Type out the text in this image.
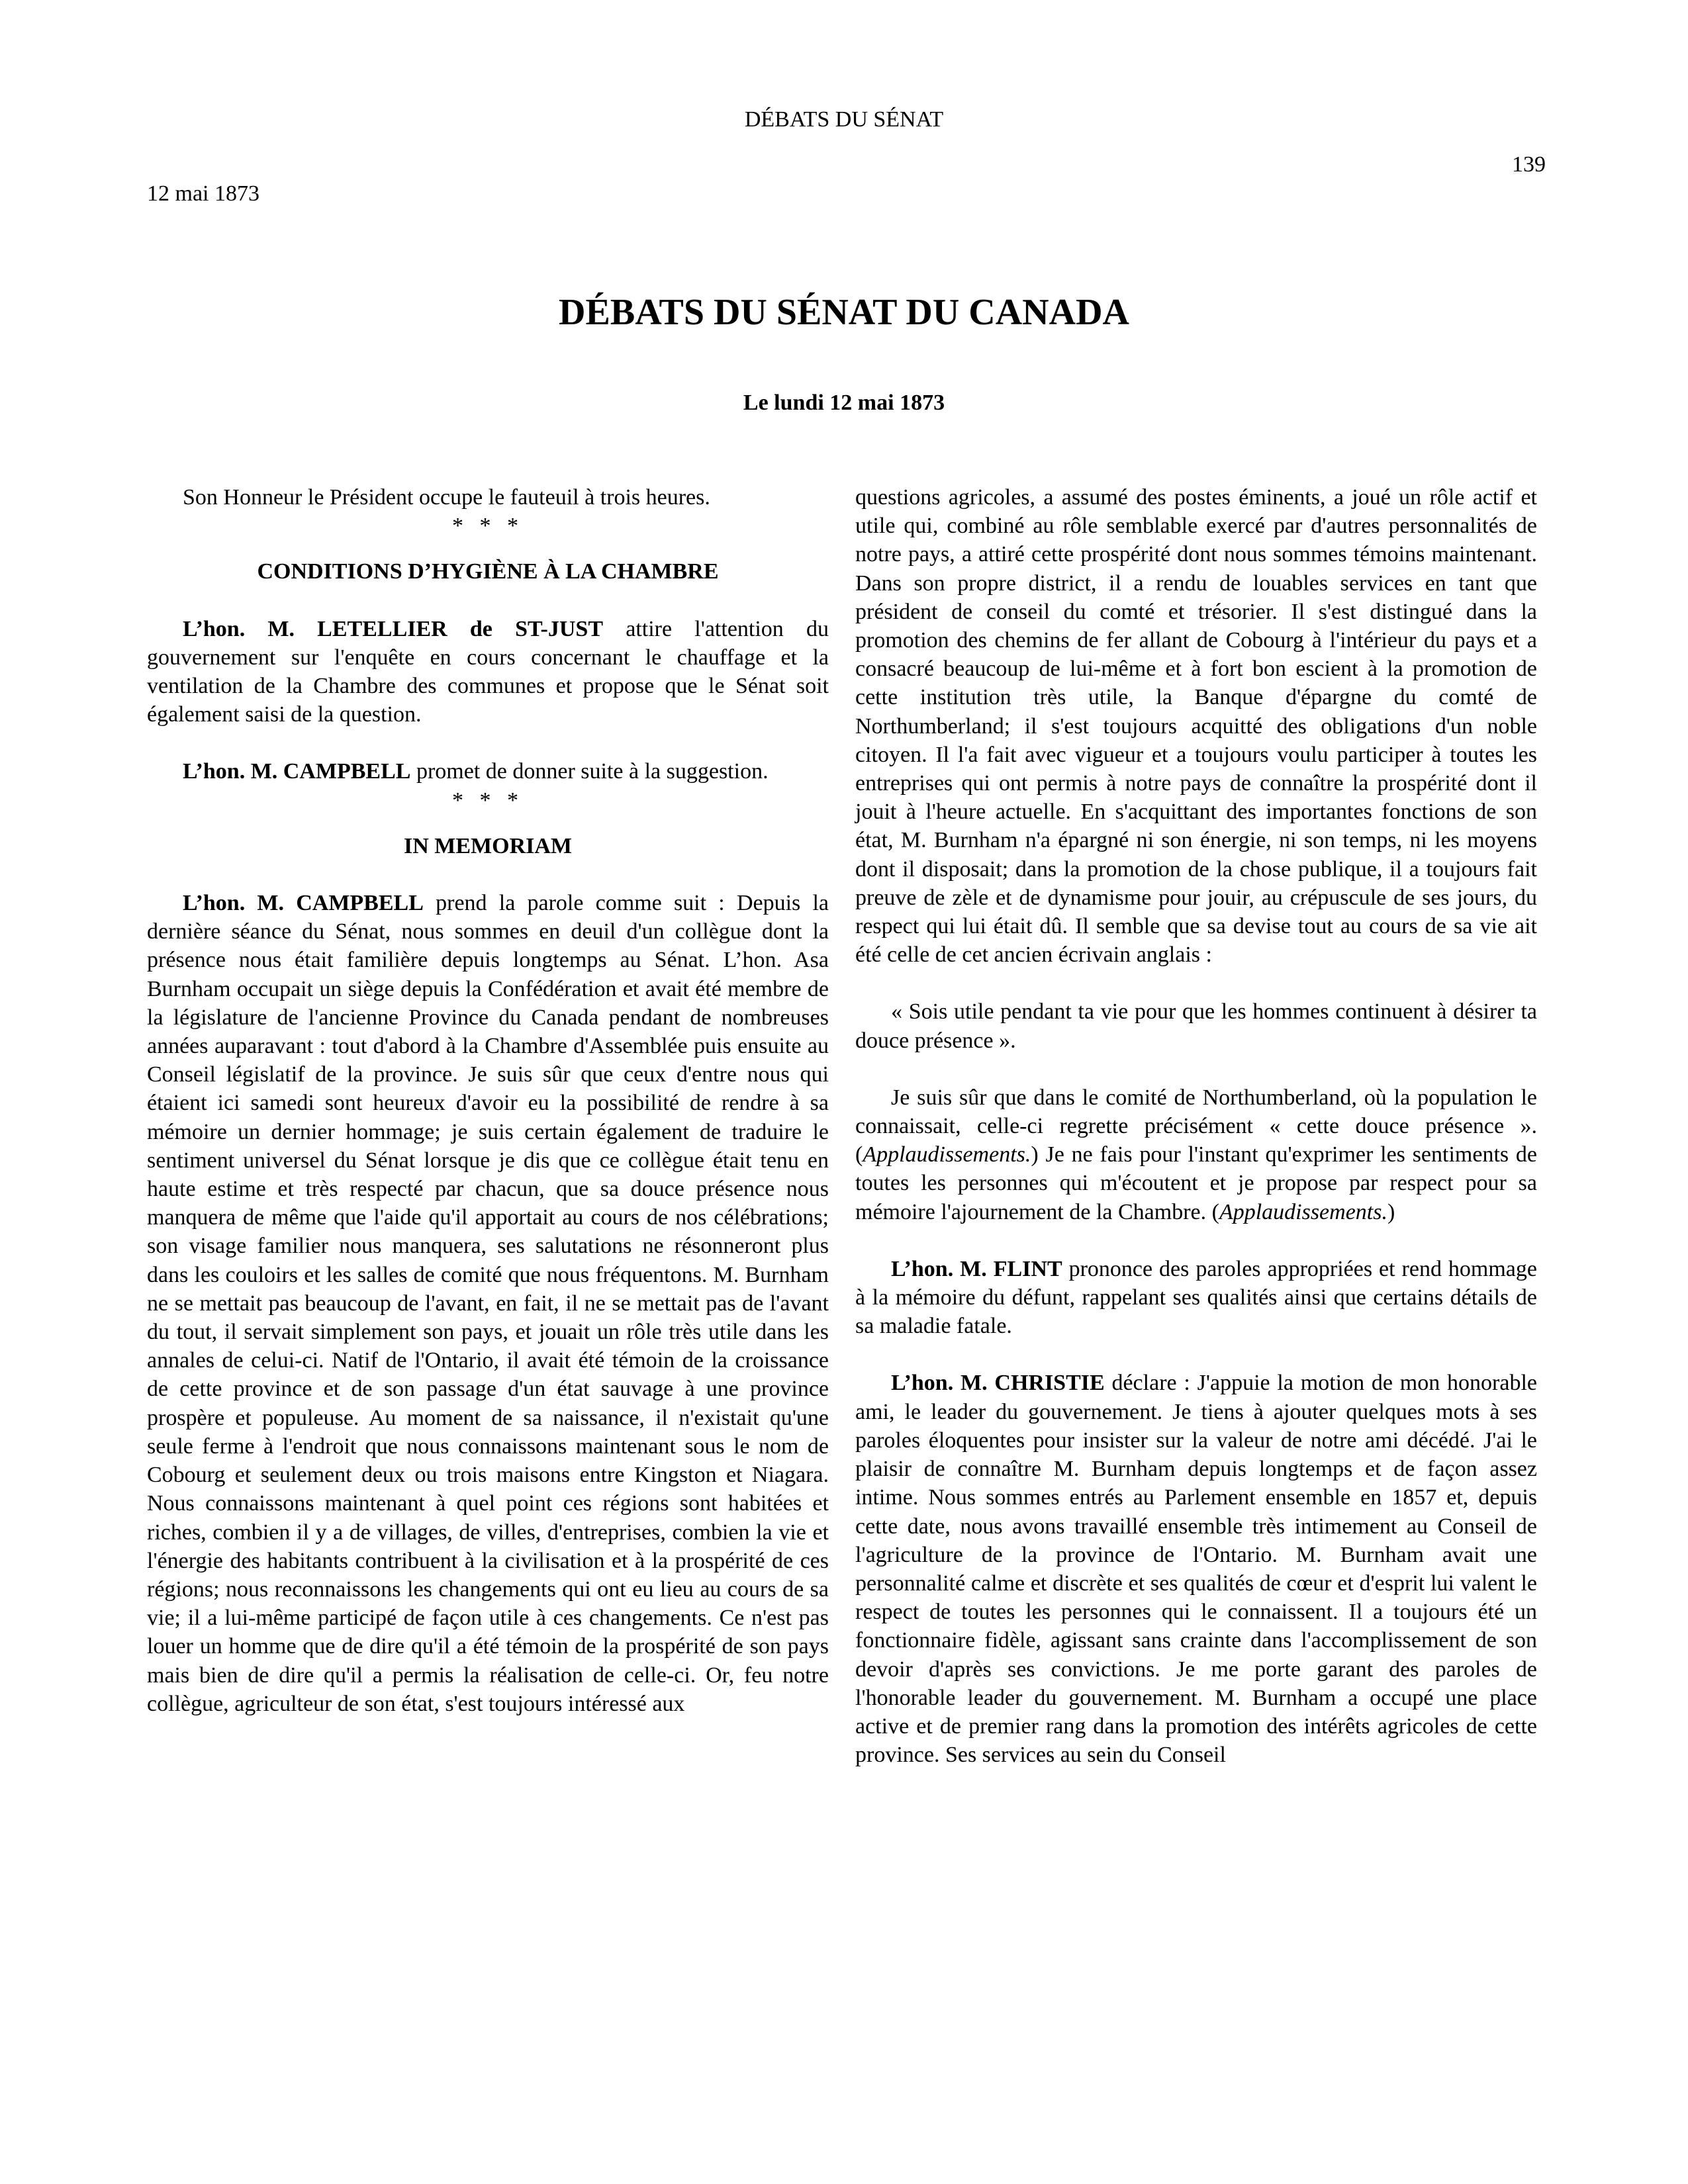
DÉBATS DU SÉNAT
139
12 mai 1873
DÉBATS DU SÉNAT DU CANADA
Le lundi 12 mai 1873

Son Honneur le Président occupe le fauteuil à trois heures.

* * *
CONDITIONS D’HYGIÈNE À LA CHAMBRE

L’hon. M. LETELLIER de ST-JUST attire l'attention du gouvernement sur l'enquête en cours concernant le chauffage et la ventilation de la Chambre des communes et propose que le Sénat soit également saisi de la question.

L’hon. M. CAMPBELL promet de donner suite à la suggestion.

* * *
IN MEMORIAM

L’hon. M. CAMPBELL prend la parole comme suit : Depuis la dernière séance du Sénat, nous sommes en deuil d'un collègue dont la présence nous était familière depuis longtemps au Sénat. L’hon. Asa Burnham occupait un siège depuis la Confédération et avait été membre de la législature de l'ancienne Province du Canada pendant de nombreuses années auparavant : tout d'abord à la Chambre d'Assemblée puis ensuite au Conseil législatif de la province. Je suis sûr que ceux d'entre nous qui étaient ici samedi sont heureux d'avoir eu la possibilité de rendre à sa mémoire un dernier hommage; je suis certain également de traduire le sentiment universel du Sénat lorsque je dis que ce collègue était tenu en haute estime et très respecté par chacun, que sa douce présence nous manquera de même que l'aide qu'il apportait au cours de nos célébrations; son visage familier nous manquera, ses salutations ne résonneront plus dans les couloirs et les salles de comité que nous fréquentons. M. Burnham ne se mettait pas beaucoup de l'avant, en fait, il ne se mettait pas de l'avant du tout, il servait simplement son pays, et jouait un rôle très utile dans les annales de celui-ci. Natif de l'Ontario, il avait été témoin de la croissance de cette province et de son passage d'un état sauvage à une province prospère et populeuse. Au moment de sa naissance, il n'existait qu'une seule ferme à l'endroit que nous connaissons maintenant sous le nom de Cobourg et seulement deux ou trois maisons entre Kingston et Niagara. Nous connaissons maintenant à quel point ces régions sont habitées et riches, combien il y a de villages, de villes, d'entreprises, combien la vie et l'énergie des habitants contribuent à la civilisation et à la prospérité de ces régions; nous reconnaissons les changements qui ont eu lieu au cours de sa vie; il a lui-même participé de façon utile à ces changements. Ce n'est pas louer un homme que de dire qu'il a été témoin de la prospérité de son pays mais bien de dire qu'il a permis la réalisation de celle-ci. Or, feu notre collègue, agriculteur de son état, s'est toujours intéressé aux

questions agricoles, a assumé des postes éminents, a joué un rôle actif et utile qui, combiné au rôle semblable exercé par d'autres personnalités de notre pays, a attiré cette prospérité dont nous sommes témoins maintenant. Dans son propre district, il a rendu de louables services en tant que président de conseil du comté et trésorier. Il s'est distingué dans la promotion des chemins de fer allant de Cobourg à l'intérieur du pays et a consacré beaucoup de lui-même et à fort bon escient à la promotion de cette institution très utile, la Banque d'épargne du comté de Northumberland; il s'est toujours acquitté des obligations d'un noble citoyen. Il l'a fait avec vigueur et a toujours voulu participer à toutes les entreprises qui ont permis à notre pays de connaître la prospérité dont il jouit à l'heure actuelle. En s'acquittant des importantes fonctions de son état, M. Burnham n'a épargné ni son énergie, ni son temps, ni les moyens dont il disposait; dans la promotion de la chose publique, il a toujours fait preuve de zèle et de dynamisme pour jouir, au crépuscule de ses jours, du respect qui lui était dû. Il semble que sa devise tout au cours de sa vie ait été celle de cet ancien écrivain anglais :

« Sois utile pendant ta vie pour que les hommes continuent à désirer ta douce présence ».

Je suis sûr que dans le comité de Northumberland, où la population le connaissait, celle-ci regrette précisément « cette douce présence ». (Applaudissements.) Je ne fais pour l'instant qu'exprimer les sentiments de toutes les personnes qui m'écoutent et je propose par respect pour sa mémoire l'ajournement de la Chambre. (Applaudissements.)

L’hon. M. FLINT prononce des paroles appropriées et rend hommage à la mémoire du défunt, rappelant ses qualités ainsi que certains détails de sa maladie fatale.

L’hon. M. CHRISTIE déclare : J'appuie la motion de mon honorable ami, le leader du gouvernement. Je tiens à ajouter quelques mots à ses paroles éloquentes pour insister sur la valeur de notre ami décédé. J'ai le plaisir de connaître M. Burnham depuis longtemps et de façon assez intime. Nous sommes entrés au Parlement ensemble en 1857 et, depuis cette date, nous avons travaillé ensemble très intimement au Conseil de l'agriculture de la province de l'Ontario. M. Burnham avait une personnalité calme et discrète et ses qualités de cœur et d'esprit lui valent le respect de toutes les personnes qui le connaissent. Il a toujours été un fonctionnaire fidèle, agissant sans crainte dans l'accomplissement de son devoir d'après ses convictions. Je me porte garant des paroles de l'honorable leader du gouvernement. M. Burnham a occupé une place active et de premier rang dans la promotion des intérêts agricoles de cette province. Ses services au sein du Conseil
